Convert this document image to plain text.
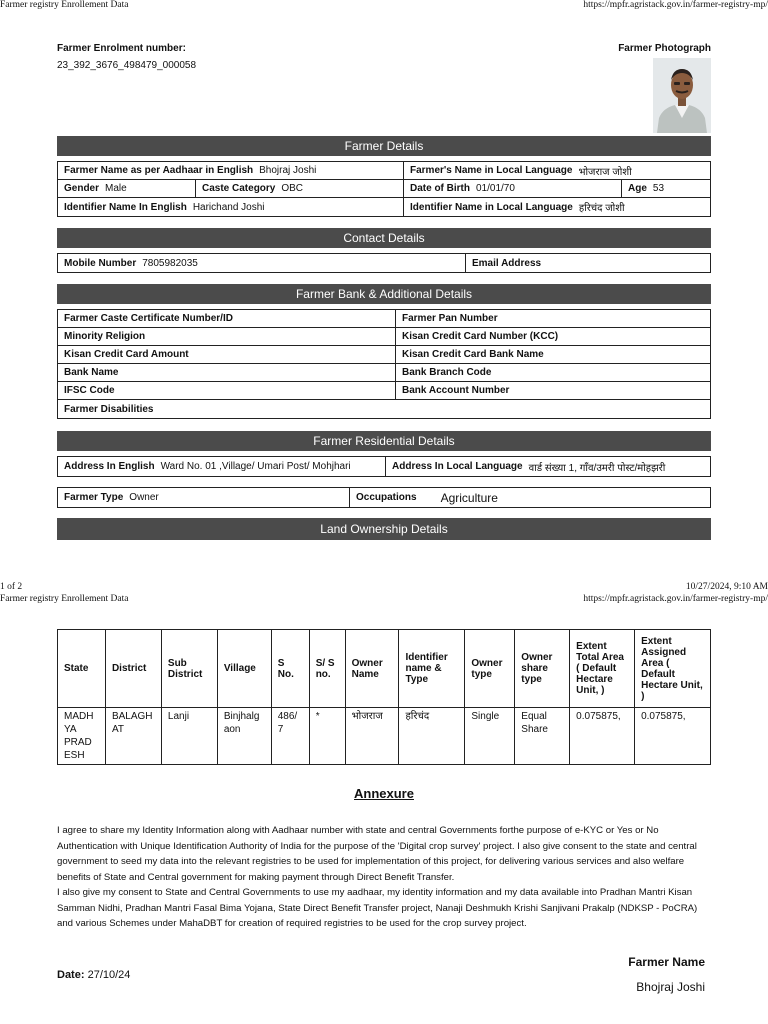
Farmer registry Enrollement Data	https://mpfr.agristack.gov.in/farmer-registry-mp/
Farmer Enrolment number:
23_392_3676_498479_000058
Farmer Photograph
Farmer Details
Farmer Name as per Aadhaar in English Bhojraj Joshi	Farmer's Name in Local Language भोजराज जोशी
Gender Male	Caste Category OBC	Date of Birth 01/01/70	Age 53
Identifier Name In English Harichand Joshi	Identifier Name in Local Language हरिचंद जोशी
Contact Details
Mobile Number 7805982035	Email Address
Farmer Bank & Additional Details
Farmer Caste Certificate Number/ID	Farmer Pan Number
Minority Religion	Kisan Credit Card Number (KCC)
Kisan Credit Card Amount	Kisan Credit Card Bank Name
Bank Name	Bank Branch Code
IFSC Code	Bank Account Number
Farmer Disabilities
Farmer Residential Details
Address In English Ward No. 01 ,Village/ Umari Post/ Mohjhari	Address In Local Language वार्ड संख्या 1, गाँव/उमरी पोस्ट/मोहझरी
Farmer Type Owner	Occupations Agriculture
Land Ownership Details
1 of 2	10/27/2024, 9:10 AM
Farmer registry Enrollement Data	https://mpfr.agristack.gov.in/farmer-registry-mp/
State	District	Sub District	Village	S No.	S/ S no.	Owner Name	Identifier name & Type	Owner type	Owner share type	Extent Total Area ( Default Hectare Unit, )	Extent Assigned Area ( Default Hectare Unit, )
MADH YA PRAD ESH	BALAGH AT	Lanji	Binjhalg aon	486/ 7	*	भोजराज	हरिचंद	Single	Equal Share	0.075875,	0.075875,
Annexure
I agree to share my Identity Information along with Aadhaar number with state and central Governments forthe purpose of e-KYC or Yes or No Authentication with Unique Identification Authority of India for the purpose of the 'Digital crop survey' project. I also give consent to the state and central government to seed my data into the relevant registries to be used for implementation of this project, for delivering various services and also welfare benefits of State and Central government for making payment through Direct Benefit Transfer.
I also give my consent to State and Central Governments to use my aadhaar, my identity information and my data available into Pradhan Mantri Kisan Samman Nidhi, Pradhan Mantri Fasal Bima Yojana, State Direct Benefit Transfer project, Nanaji Deshmukh Krishi Sanjivani Prakalp (NDKSP - PoCRA) and various Schemes under MahaDBT for creation of required registries to be used for the crop survey project.
Date: 27/10/24
Farmer Name
Bhojraj Joshi
